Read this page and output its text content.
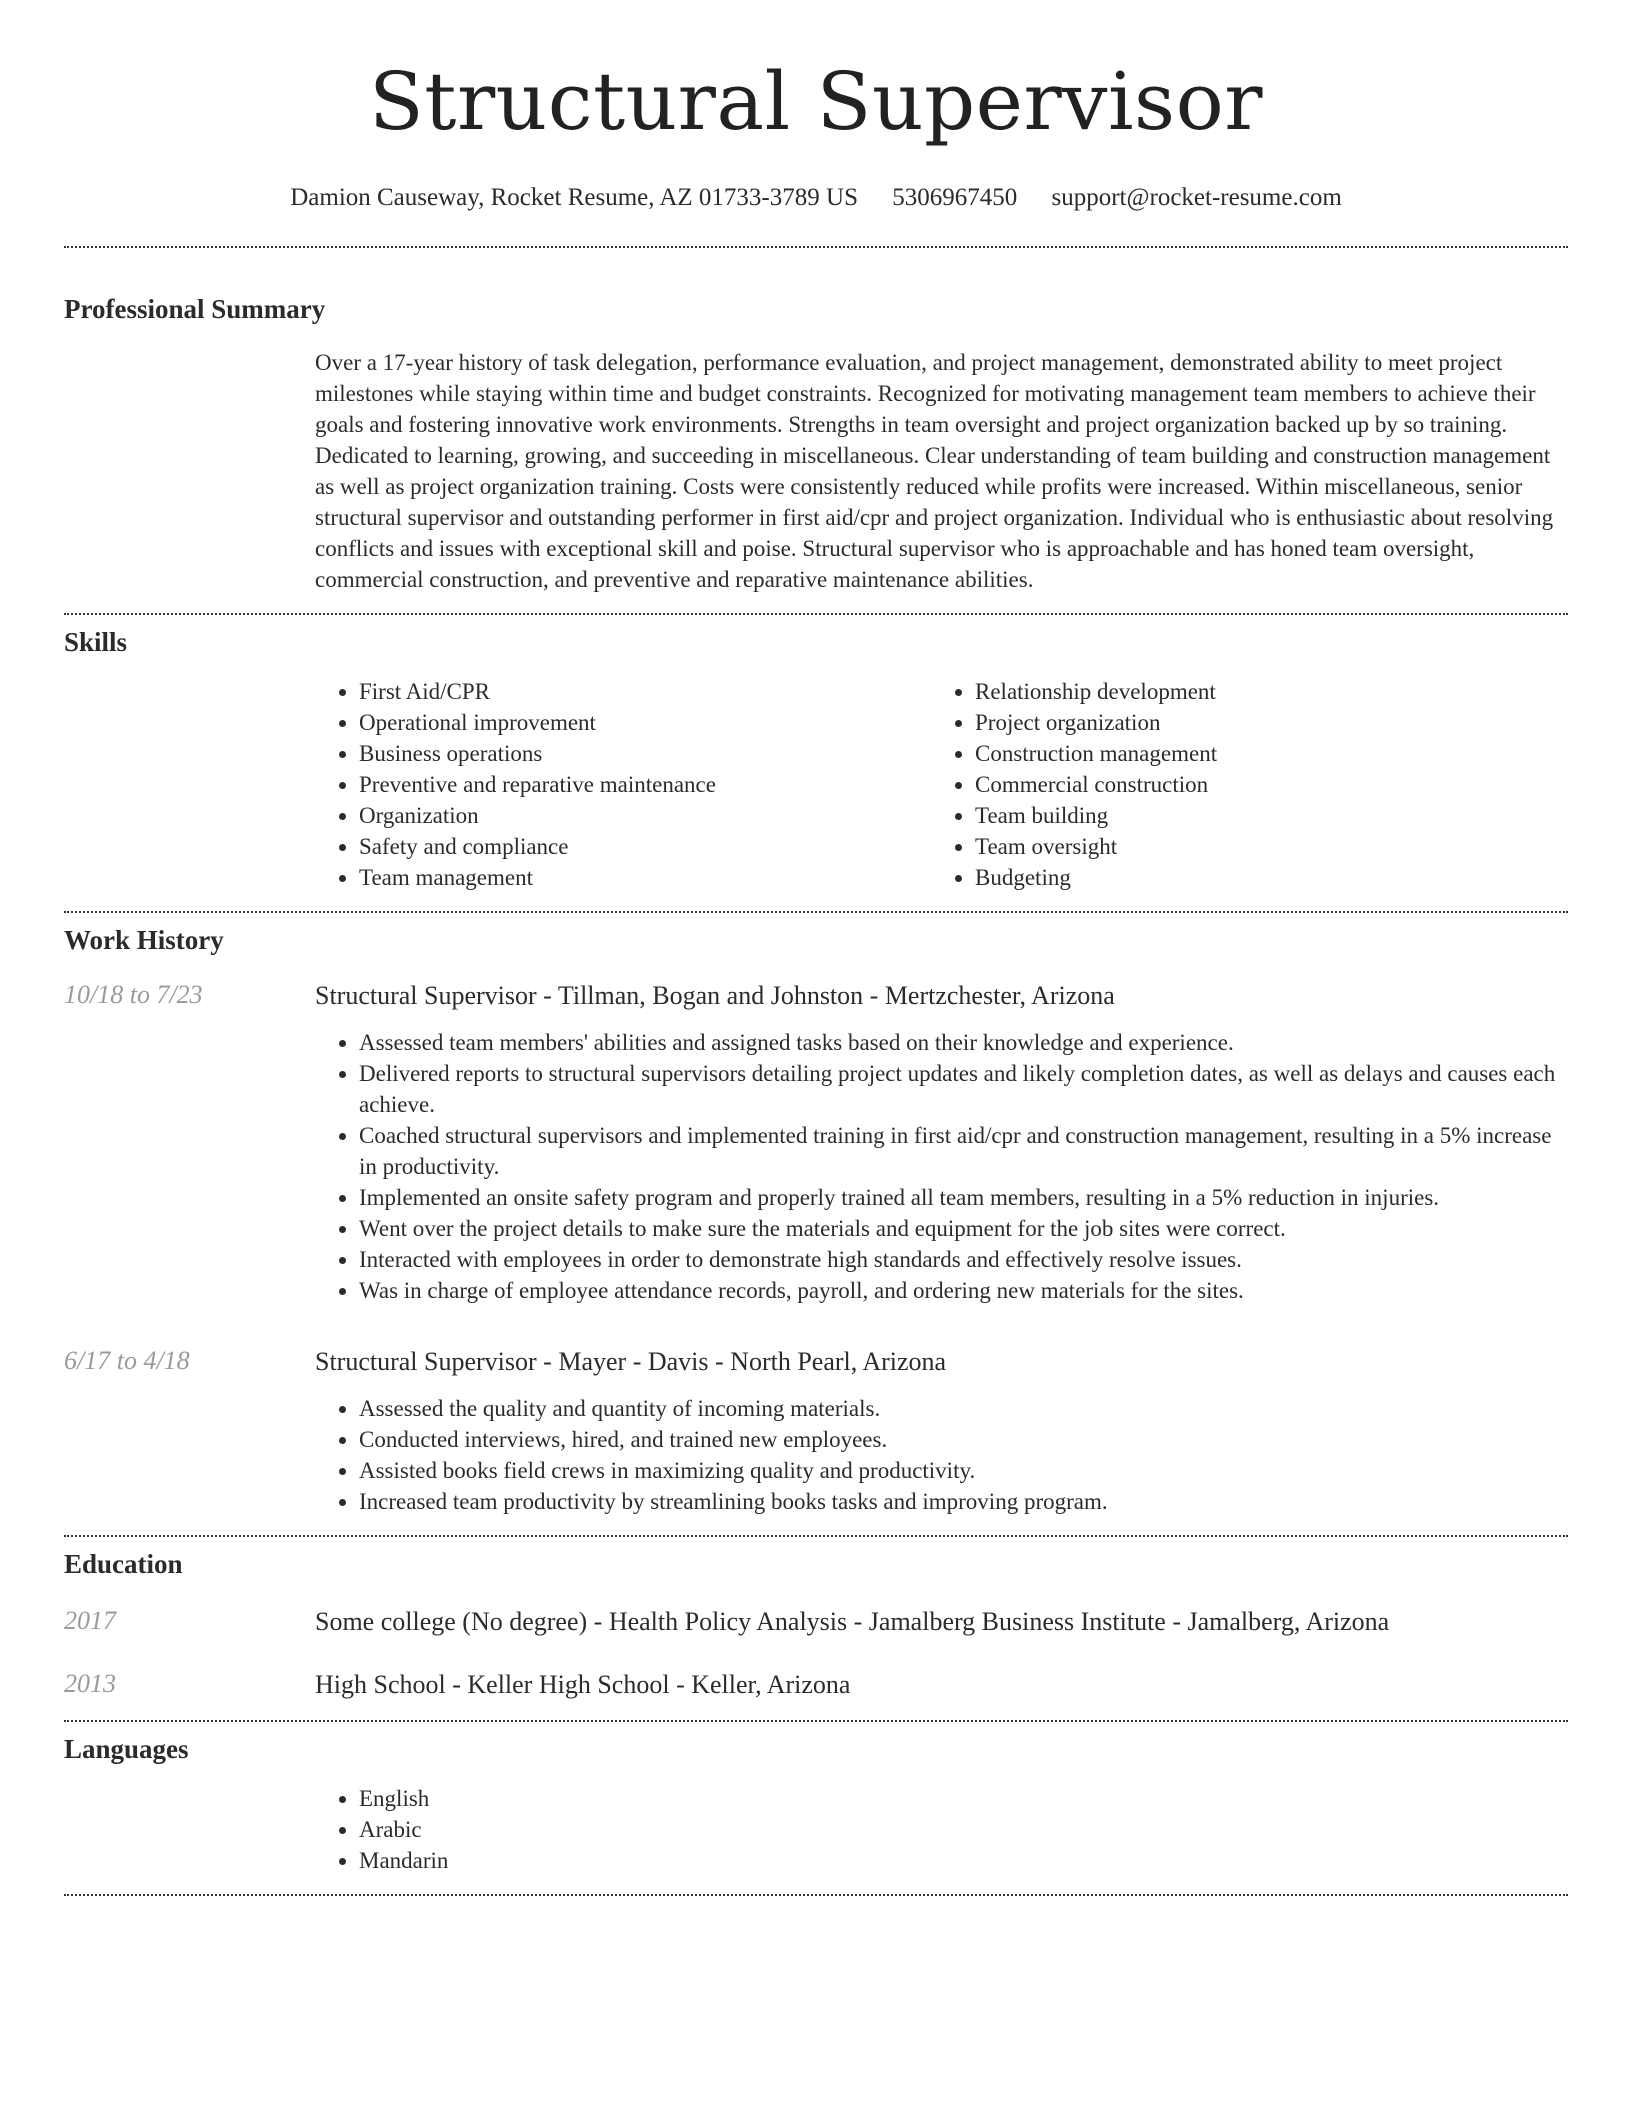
Structural Supervisor
Damion Causeway, Rocket Resume, AZ 01733-3789 US 5306967450 support@rocket-resume.com
Professional Summary
Over a 17-year history of task delegation, performance evaluation, and project management, demonstrated ability to meet project milestones while staying within time and budget constraints. Recognized for motivating management team members to achieve their goals and fostering innovative work environments. Strengths in team oversight and project organization backed up by so training. Dedicated to learning, growing, and succeeding in miscellaneous. Clear understanding of team building and construction management as well as project organization training. Costs were consistently reduced while profits were increased. Within miscellaneous, senior structural supervisor and outstanding performer in first aid/cpr and project organization. Individual who is enthusiastic about resolving conflicts and issues with exceptional skill and poise. Structural supervisor who is approachable and has honed team oversight, commercial construction, and preventive and reparative maintenance abilities.
Skills
• First Aid/CPR
• Operational improvement
• Business operations
• Preventive and reparative maintenance
• Organization
• Safety and compliance
• Team management
• Relationship development
• Project organization
• Construction management
• Commercial construction
• Team building
• Team oversight
• Budgeting
Work History
10/18 to 7/23	Structural Supervisor - Tillman, Bogan and Johnston - Mertzchester, Arizona
• Assessed team members' abilities and assigned tasks based on their knowledge and experience.
• Delivered reports to structural supervisors detailing project updates and likely completion dates, as well as delays and causes each achieve.
• Coached structural supervisors and implemented training in first aid/cpr and construction management, resulting in a 5% increase in productivity.
• Implemented an onsite safety program and properly trained all team members, resulting in a 5% reduction in injuries.
• Went over the project details to make sure the materials and equipment for the job sites were correct.
• Interacted with employees in order to demonstrate high standards and effectively resolve issues.
• Was in charge of employee attendance records, payroll, and ordering new materials for the sites.
6/17 to 4/18	Structural Supervisor - Mayer - Davis - North Pearl, Arizona
• Assessed the quality and quantity of incoming materials.
• Conducted interviews, hired, and trained new employees.
• Assisted books field crews in maximizing quality and productivity.
• Increased team productivity by streamlining books tasks and improving program.
Education
2017	Some college (No degree) - Health Policy Analysis - Jamalberg Business Institute - Jamalberg, Arizona
2013	High School - Keller High School - Keller, Arizona
Languages
• English
• Arabic
• Mandarin
